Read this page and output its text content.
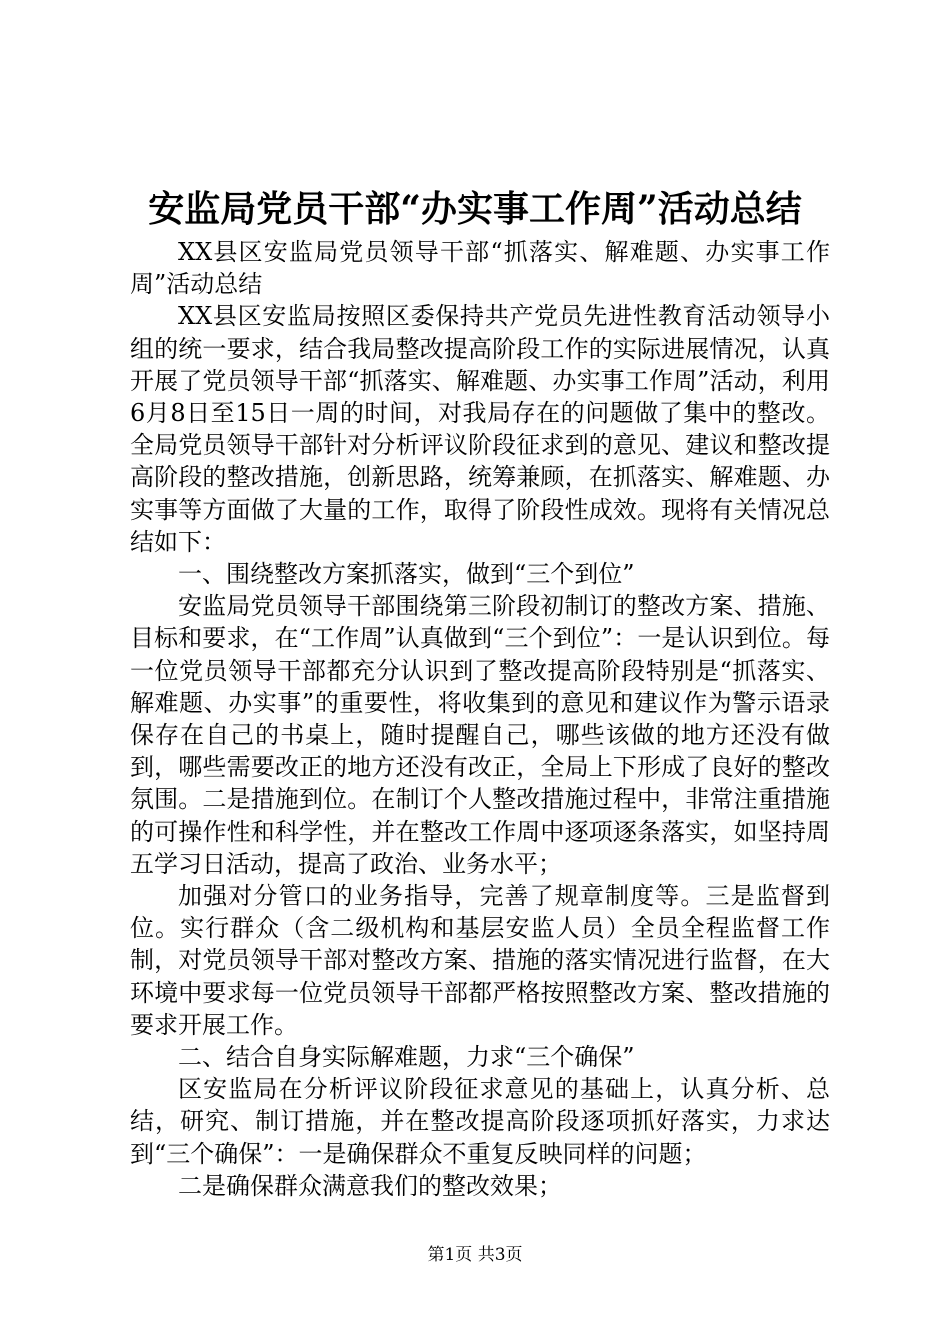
安监局党员干部“办实事工作周”活动总结

XX县区安监局党员领导干部“抓落实、解难题、办实事工作周”活动总结

XX县区安监局按照区委保持共产党员先进性教育活动领导小组的统一要求，结合我局整改提高阶段工作的实际进展情况，认真开展了党员领导干部“抓落实、解难题、办实事工作周”活动，利用6月8日至15日一周的时间，对我局存在的问题做了集中的整改。全局党员领导干部针对分析评议阶段征求到的意见、建议和整改提高阶段的整改措施，创新思路，统筹兼顾，在抓落实、解难题、办实事等方面做了大量的工作，取得了阶段性成效。现将有关情况总结如下：

一、围绕整改方案抓落实，做到“三个到位”

安监局党员领导干部围绕第三阶段初制订的整改方案、措施、目标和要求，在“工作周”认真做到“三个到位”：一是认识到位。每一位党员领导干部都充分认识到了整改提高阶段特别是“抓落实、解难题、办实事”的重要性，将收集到的意见和建议作为警示语录保存在自己的书桌上，随时提醒自己，哪些该做的地方还没有做到，哪些需要改正的地方还没有改正，全局上下形成了良好的整改氛围。二是措施到位。在制订个人整改措施过程中，非常注重措施的可操作性和科学性，并在整改工作周中逐项逐条落实，如坚持周五学习日活动，提高了政治、业务水平；

加强对分管口的业务指导，完善了规章制度等。三是监督到位。实行群众（含二级机构和基层安监人员）全员全程监督工作制，对党员领导干部对整改方案、措施的落实情况进行监督，在大环境中要求每一位党员领导干部都严格按照整改方案、整改措施的要求开展工作。

二、结合自身实际解难题，力求“三个确保”

区安监局在分析评议阶段征求意见的基础上，认真分析、总结，研究、制订措施，并在整改提高阶段逐项抓好落实，力求达到“三个确保”：一是确保群众不重复反映同样的问题；

二是确保群众满意我们的整改效果；

第1页 共3页
